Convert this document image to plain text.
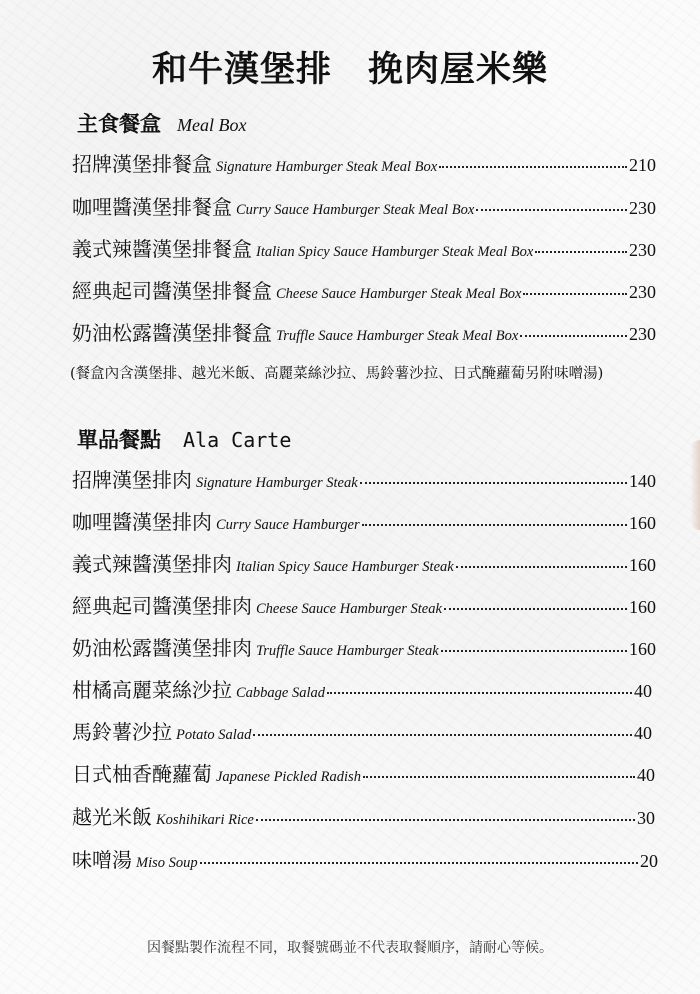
和牛漢堡排　挽肉屋米樂
主食餐盒 Meal Box
招牌漢堡排餐盒 Signature Hamburger Steak Meal Box	210
咖哩醬漢堡排餐盒 Curry Sauce Hamburger Steak Meal Box	230
義式辣醬漢堡排餐盒 Italian Spicy Sauce Hamburger Steak Meal Box	230
經典起司醬漢堡排餐盒 Cheese Sauce Hamburger Steak Meal Box	230
奶油松露醬漢堡排餐盒 Truffle Sauce Hamburger Steak Meal Box	230
(餐盒內含漢堡排、越光米飯、高麗菜絲沙拉、馬鈴薯沙拉、日式醃蘿蔔另附味噌湯)
單品餐點 Ala Carte
招牌漢堡排肉 Signature Hamburger Steak	140
咖哩醬漢堡排肉 Curry Sauce Hamburger	160
義式辣醬漢堡排肉 Italian Spicy Sauce Hamburger Steak	160
經典起司醬漢堡排肉 Cheese Sauce Hamburger Steak	160
奶油松露醬漢堡排肉 Truffle Sauce Hamburger Steak	160
柑橘高麗菜絲沙拉 Cabbage Salad	40
馬鈴薯沙拉 Potato Salad	40
日式柚香醃蘿蔔 Japanese Pickled Radish	40
越光米飯 Koshihikari Rice	30
味噌湯 Miso Soup	20
因餐點製作流程不同，取餐號碼並不代表取餐順序，請耐心等候。
